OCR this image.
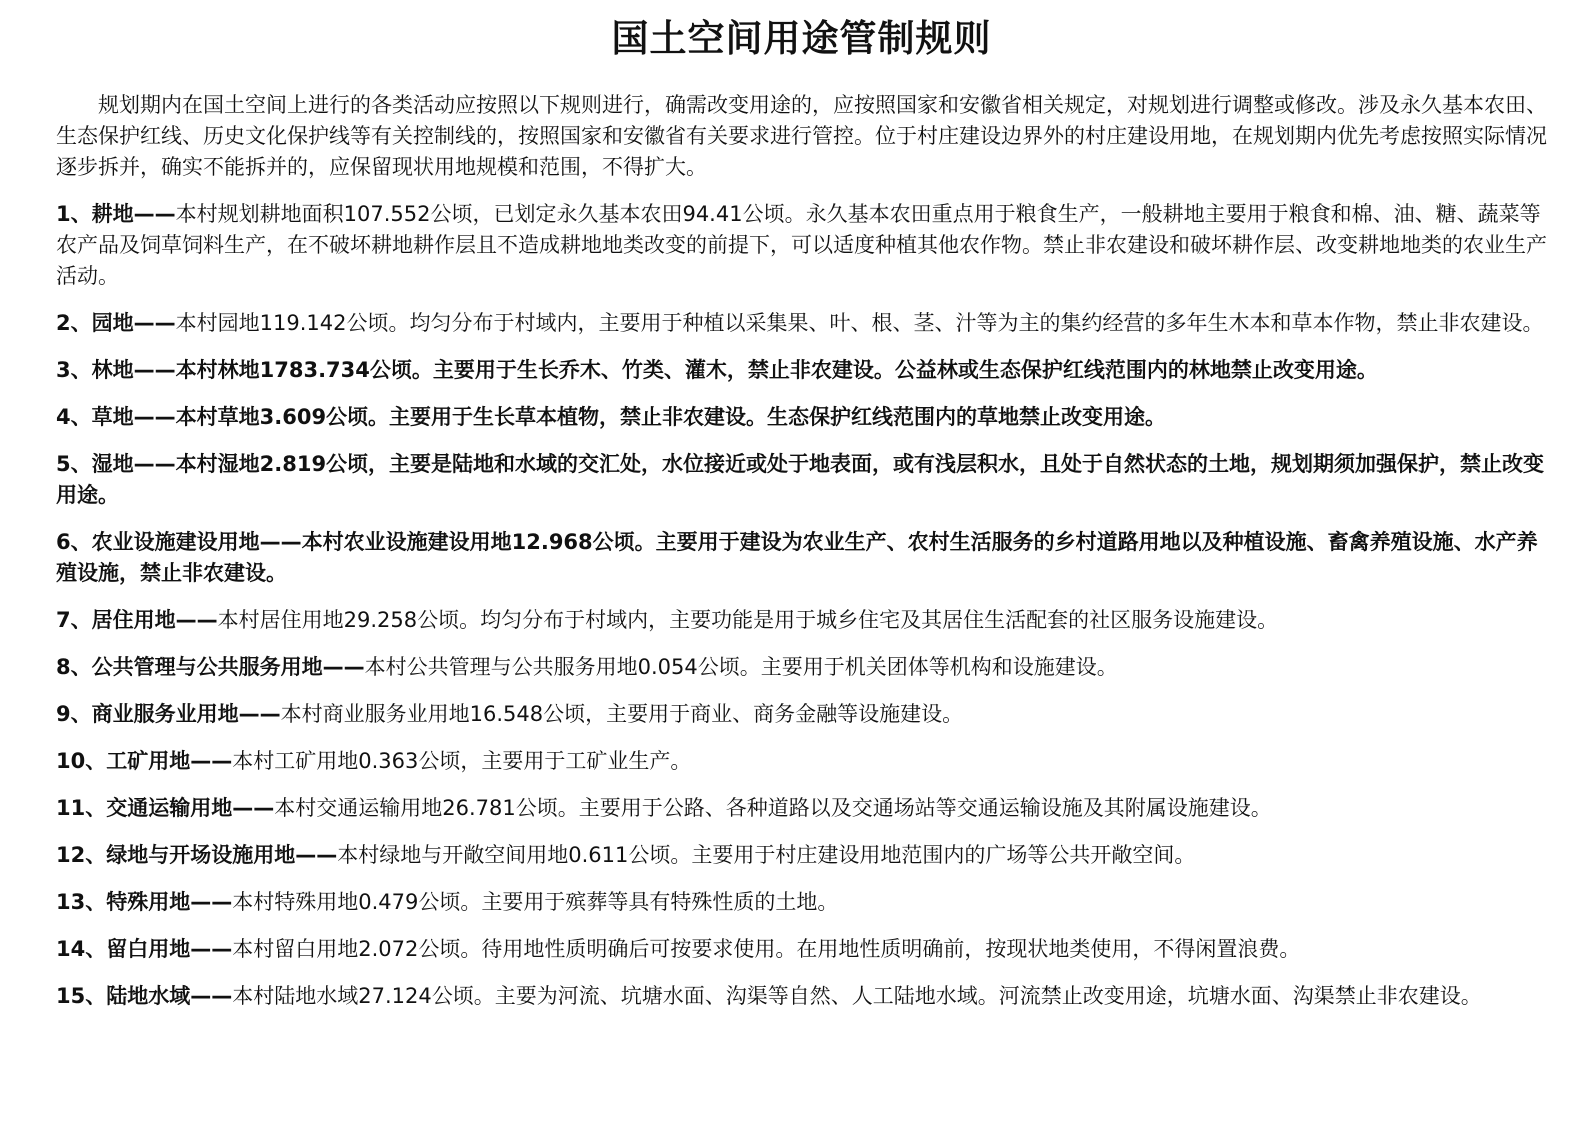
国土空间用途管制规则
规划期内在国土空间上进行的各类活动应按照以下规则进行，确需改变用途的，应按照国家和安徽省相关规定，对规划进行调整或修改。涉及永久基本农田、生态保护红线、历史文化保护线等有关控制线的，按照国家和安徽省有关要求进行管控。位于村庄建设边界外的村庄建设用地，在规划期内优先考虑按照实际情况逐步拆并，确实不能拆并的，应保留现状用地规模和范围，不得扩大。
1、耕地——本村规划耕地面积107.552公顷，已划定永久基本农田94.41公顷。永久基本农田重点用于粮食生产，一般耕地主要用于粮食和棉、油、糖、蔬菜等农产品及饲草饲料生产，在不破坏耕地耕作层且不造成耕地地类改变的前提下，可以适度种植其他农作物。禁止非农建设和破坏耕作层、改变耕地地类的农业生产活动。
2、园地——本村园地119.142公顷。均匀分布于村域内，主要用于种植以采集果、叶、根、茎、汁等为主的集约经营的多年生木本和草本作物，禁止非农建设。
3、林地——本村林地1783.734公顷。主要用于生长乔木、竹类、灌木，禁止非农建设。公益林或生态保护红线范围内的林地禁止改变用途。
4、草地——本村草地3.609公顷。主要用于生长草本植物，禁止非农建设。生态保护红线范围内的草地禁止改变用途。
5、湿地——本村湿地2.819公顷，主要是陆地和水域的交汇处，水位接近或处于地表面，或有浅层积水，且处于自然状态的土地，规划期须加强保护，禁止改变用途。
6、农业设施建设用地——本村农业设施建设用地12.968公顷。主要用于建设为农业生产、农村生活服务的乡村道路用地以及种植设施、畜禽养殖设施、水产养殖设施，禁止非农建设。
7、居住用地——本村居住用地29.258公顷。均匀分布于村域内，主要功能是用于城乡住宅及其居住生活配套的社区服务设施建设。
8、公共管理与公共服务用地——本村公共管理与公共服务用地0.054公顷。主要用于机关团体等机构和设施建设。
9、商业服务业用地——本村商业服务业用地16.548公顷，主要用于商业、商务金融等设施建设。
10、工矿用地——本村工矿用地0.363公顷，主要用于工矿业生产。
11、交通运输用地——本村交通运输用地26.781公顷。主要用于公路、各种道路以及交通场站等交通运输设施及其附属设施建设。
12、绿地与开场设施用地——本村绿地与开敞空间用地0.611公顷。主要用于村庄建设用地范围内的广场等公共开敞空间。
13、特殊用地——本村特殊用地0.479公顷。主要用于殡葬等具有特殊性质的土地。
14、留白用地——本村留白用地2.072公顷。待用地性质明确后可按要求使用。在用地性质明确前，按现状地类使用，不得闲置浪费。
15、陆地水域——本村陆地水域27.124公顷。主要为河流、坑塘水面、沟渠等自然、人工陆地水域。河流禁止改变用途，坑塘水面、沟渠禁止非农建设。
